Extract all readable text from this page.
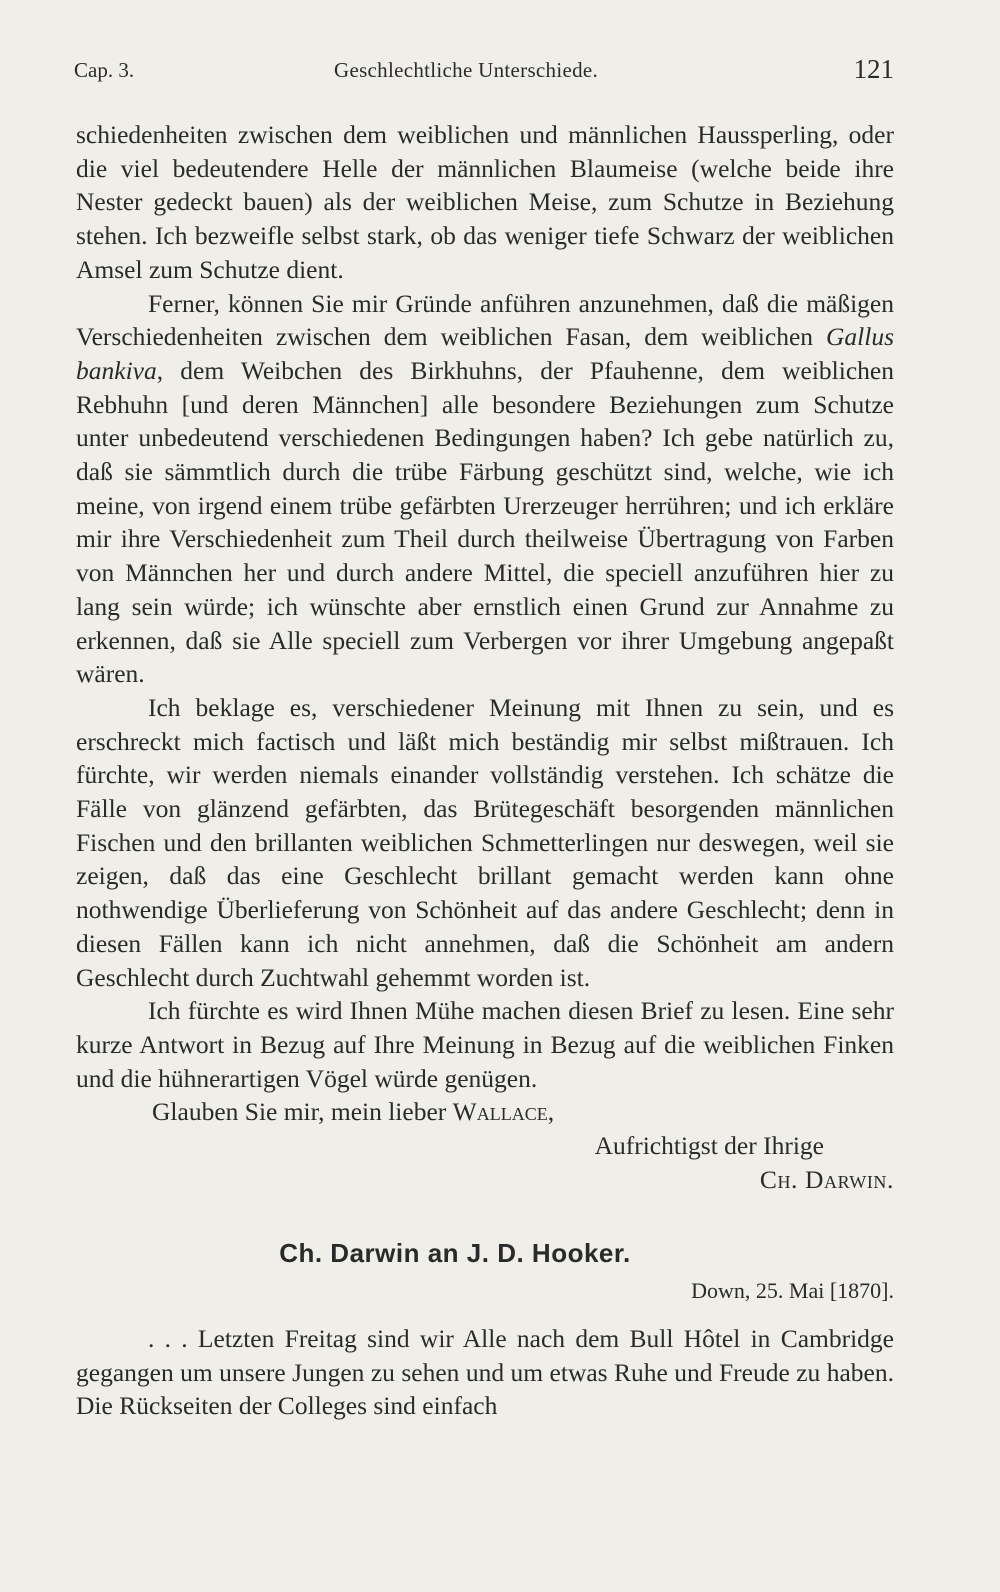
Cap. 3.	Geschlechtliche Unterschiede.	121

schiedenheiten zwischen dem weiblichen und männlichen Haussperling, oder die viel bedeutendere Helle der männlichen Blaumeise (welche beide ihre Nester gedeckt bauen) als der weiblichen Meise, zum Schutze in Beziehung stehen. Ich bezweifle selbst stark, ob das weniger tiefe Schwarz der weiblichen Amsel zum Schutze dient.

Ferner, können Sie mir Gründe anführen anzunehmen, daß die mäßigen Verschiedenheiten zwischen dem weiblichen Fasan, dem weiblichen Gallus bankiva, dem Weibchen des Birkhuhns, der Pfauhenne, dem weiblichen Rebhuhn [und deren Männchen] alle besondere Beziehungen zum Schutze unter unbedeutend verschiedenen Bedingungen haben? Ich gebe natürlich zu, daß sie sämmtlich durch die trübe Färbung geschützt sind, welche, wie ich meine, von irgend einem trübe gefärbten Urerzeuger herrühren; und ich erkläre mir ihre Verschiedenheit zum Theil durch theilweise Übertragung von Farben von Männchen her und durch andere Mittel, die speciell anzuführen hier zu lang sein würde; ich wünschte aber ernstlich einen Grund zur Annahme zu erkennen, daß sie Alle speciell zum Verbergen vor ihrer Umgebung angepaßt wären.

Ich beklage es, verschiedener Meinung mit Ihnen zu sein, und es erschreckt mich factisch und läßt mich beständig mir selbst mißtrauen. Ich fürchte, wir werden niemals einander vollständig verstehen. Ich schätze die Fälle von glänzend gefärbten, das Brütegeschäft besorgenden männlichen Fischen und den brillanten weiblichen Schmetterlingen nur deswegen, weil sie zeigen, daß das eine Geschlecht brillant gemacht werden kann ohne nothwendige Überlieferung von Schönheit auf das andere Geschlecht; denn in diesen Fällen kann ich nicht annehmen, daß die Schönheit am andern Geschlecht durch Zuchtwahl gehemmt worden ist.

Ich fürchte es wird Ihnen Mühe machen diesen Brief zu lesen. Eine sehr kurze Antwort in Bezug auf Ihre Meinung in Bezug auf die weiblichen Finken und die hühnerartigen Vögel würde genügen.

Glauben Sie mir, mein lieber Wallace,

Aufrichtigst der Ihrige

Ch. Darwin.

Ch. Darwin an J. D. Hooker.

Down, 25. Mai [1870].

. . . Letzten Freitag sind wir Alle nach dem Bull Hôtel in Cambridge gegangen um unsere Jungen zu sehen und um etwas Ruhe und Freude zu haben. Die Rückseiten der Colleges sind einfach
